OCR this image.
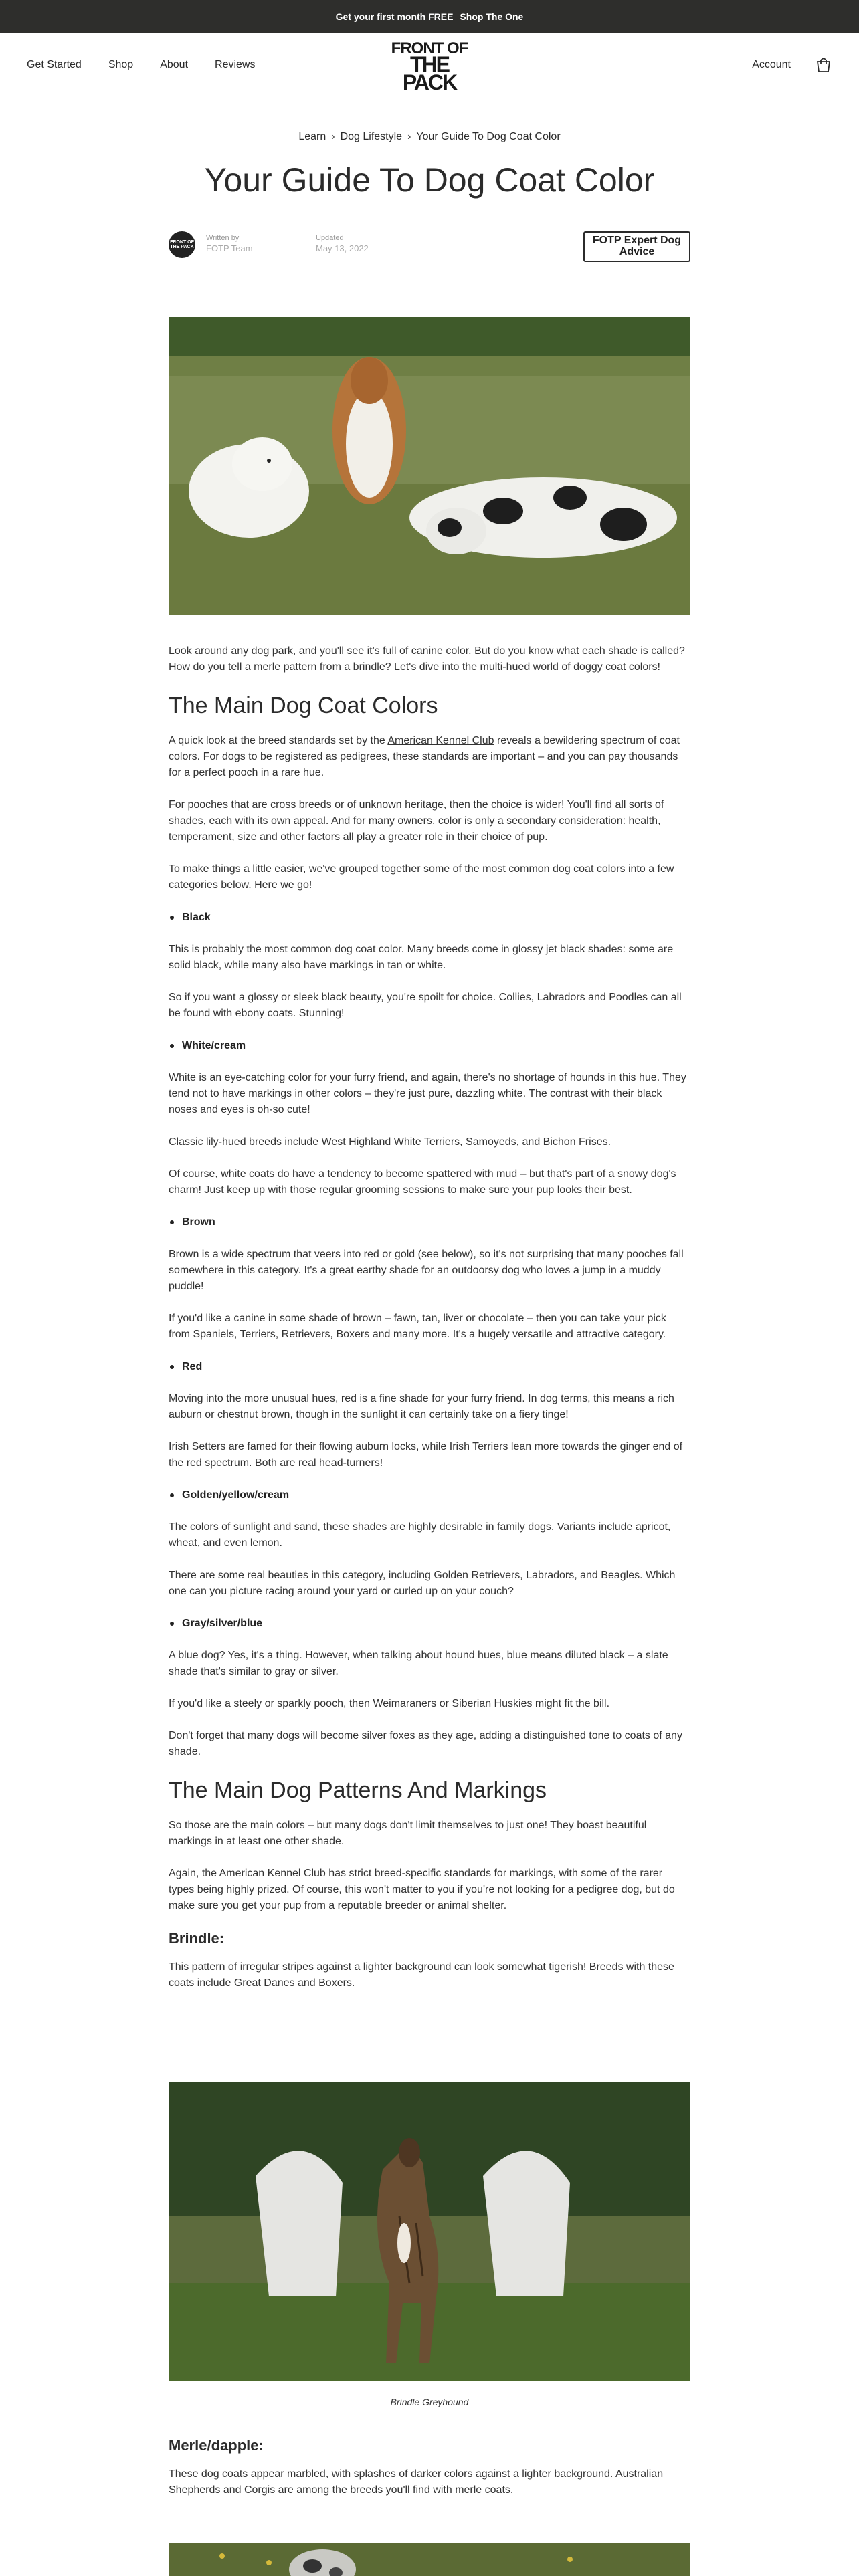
Get your first month FREE Shop The One
Get Started	Shop	About	Reviews
FRONT OF
THE PACK
Account
Learn › Dog Lifestyle › Your Guide To Dog Coat Color
Your Guide To Dog Coat Color
FRONT OF THE PACK
Written by
FOTP Team
Updated
May 13, 2022
FOTP Expert Dog Advice

Look around any dog park, and you'll see it's full of canine color. But do you know what each shade is called? How do you tell a merle pattern from a brindle? Let's dive into the multi-hued world of doggy coat colors!

The Main Dog Coat Colors

A quick look at the breed standards set by the American Kennel Club reveals a bewildering spectrum of coat colors. For dogs to be registered as pedigrees, these standards are important – and you can pay thousands for a perfect pooch in a rare hue.

For pooches that are cross breeds or of unknown heritage, then the choice is wider! You'll find all sorts of shades, each with its own appeal. And for many owners, color is only a secondary consideration: health, temperament, size and other factors all play a greater role in their choice of pup.

To make things a little easier, we've grouped together some of the most common dog coat colors into a few categories below. Here we go!

Black

This is probably the most common dog coat color. Many breeds come in glossy jet black shades: some are solid black, while many also have markings in tan or white.

So if you want a glossy or sleek black beauty, you're spoilt for choice. Collies, Labradors and Poodles can all be found with ebony coats. Stunning!

White/cream

White is an eye-catching color for your furry friend, and again, there's no shortage of hounds in this hue. They tend not to have markings in other colors – they're just pure, dazzling white. The contrast with their black noses and eyes is oh-so cute!

Classic lily-hued breeds include West Highland White Terriers, Samoyeds, and Bichon Frises.

Of course, white coats do have a tendency to become spattered with mud – but that's part of a snowy dog's charm! Just keep up with those regular grooming sessions to make sure your pup looks their best.

Brown

Brown is a wide spectrum that veers into red or gold (see below), so it's not surprising that many pooches fall somewhere in this category. It's a great earthy shade for an outdoorsy dog who loves a jump in a muddy puddle!

If you'd like a canine in some shade of brown – fawn, tan, liver or chocolate – then you can take your pick from Spaniels, Terriers, Retrievers, Boxers and many more. It's a hugely versatile and attractive category.

Red

Moving into the more unusual hues, red is a fine shade for your furry friend. In dog terms, this means a rich auburn or chestnut brown, though in the sunlight it can certainly take on a fiery tinge!

Irish Setters are famed for their flowing auburn locks, while Irish Terriers lean more towards the ginger end of the red spectrum. Both are real head-turners!

Golden/yellow/cream

The colors of sunlight and sand, these shades are highly desirable in family dogs. Variants include apricot, wheat, and even lemon.

There are some real beauties in this category, including Golden Retrievers, Labradors, and Beagles. Which one can you picture racing around your yard or curled up on your couch?

Gray/silver/blue

A blue dog? Yes, it's a thing. However, when talking about hound hues, blue means diluted black – a slate shade that's similar to gray or silver.

If you'd like a steely or sparkly pooch, then Weimaraners or Siberian Huskies might fit the bill.

Don't forget that many dogs will become silver foxes as they age, adding a distinguished tone to coats of any shade.

The Main Dog Patterns And Markings

So those are the main colors – but many dogs don't limit themselves to just one! They boast beautiful markings in at least one other shade.

Again, the American Kennel Club has strict breed-specific standards for markings, with some of the rarer types being highly prized. Of course, this won't matter to you if you're not looking for a pedigree dog, but do make sure you get your pup from a reputable breeder or animal shelter.

Brindle:

This pattern of irregular stripes against a lighter background can look somewhat tigerish! Breeds with these coats include Great Danes and Boxers.

Brindle Greyhound
Merle/dapple:

These dog coats appear marbled, with splashes of darker colors against a lighter background. Australian Shepherds and Corgis are among the breeds you'll find with merle coats.
